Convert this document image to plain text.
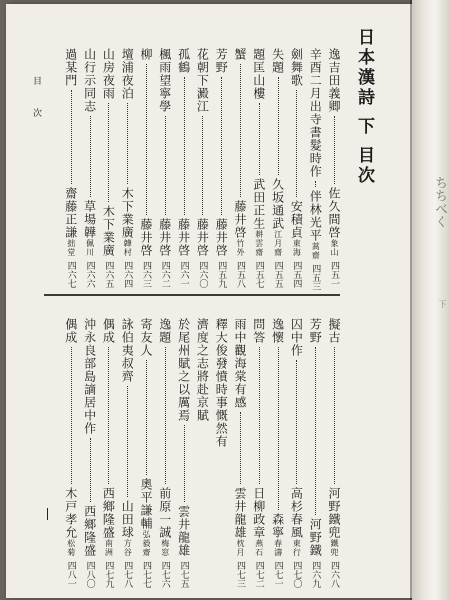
ちちべく
下
日本漢詩 下 目次
目 次	逸吉田義卿
佐久間啓
象山
四五一
辛酉二月出寺書髮時作
伴林光平
蒿齋
四五三
劍舞歌
安積貞
東海
四五四
失題
久坂通武
江月齋
四五五
題匡山樓
武田正生
耕雲齋
四五七
蟹
藤井啓
竹外
四五八
芳野
藤井啓
四五九
花朝下澱江
藤井啓
四六〇
孤鶴
藤井啓
四六一
楓雨望寧學
藤井啓
四六二
柳
藤井啓
四六三
壇浦夜泊
木下業廣
韡村
四六四
山房夜雨
木下業廣
四六五
山行示同志
草場韡
佩川
四六六
過某門
齋藤正謙
拙堂
四六七
擬古
河野鐵兜
鐵兜
四六八
芳野
河野鐵
四六九
囚中作
高杉春風
東行
四七〇
逸懷
森寧
春濤
四七一
問答
日柳政章
燕石
四七二
雨中觀海棠有感
雲井龍雄
枕月
四七三
釋大俊發憤時事慨然有
濟度之志將赴京賦
於尾州賦之以厲焉
雲井龍雄
四七五
逸題
前原一誠
梅窓
四七六
寄友人
奧平謙輔
弘毅齋
四七七
詠伯夷叔齊
山田球
方谷
四七八
偶成
西鄉隆盛
南洲
四七九
沖永良部島謫居中作
西鄉隆盛
四八〇
偶成
木戸孝允
松菊
四八一
